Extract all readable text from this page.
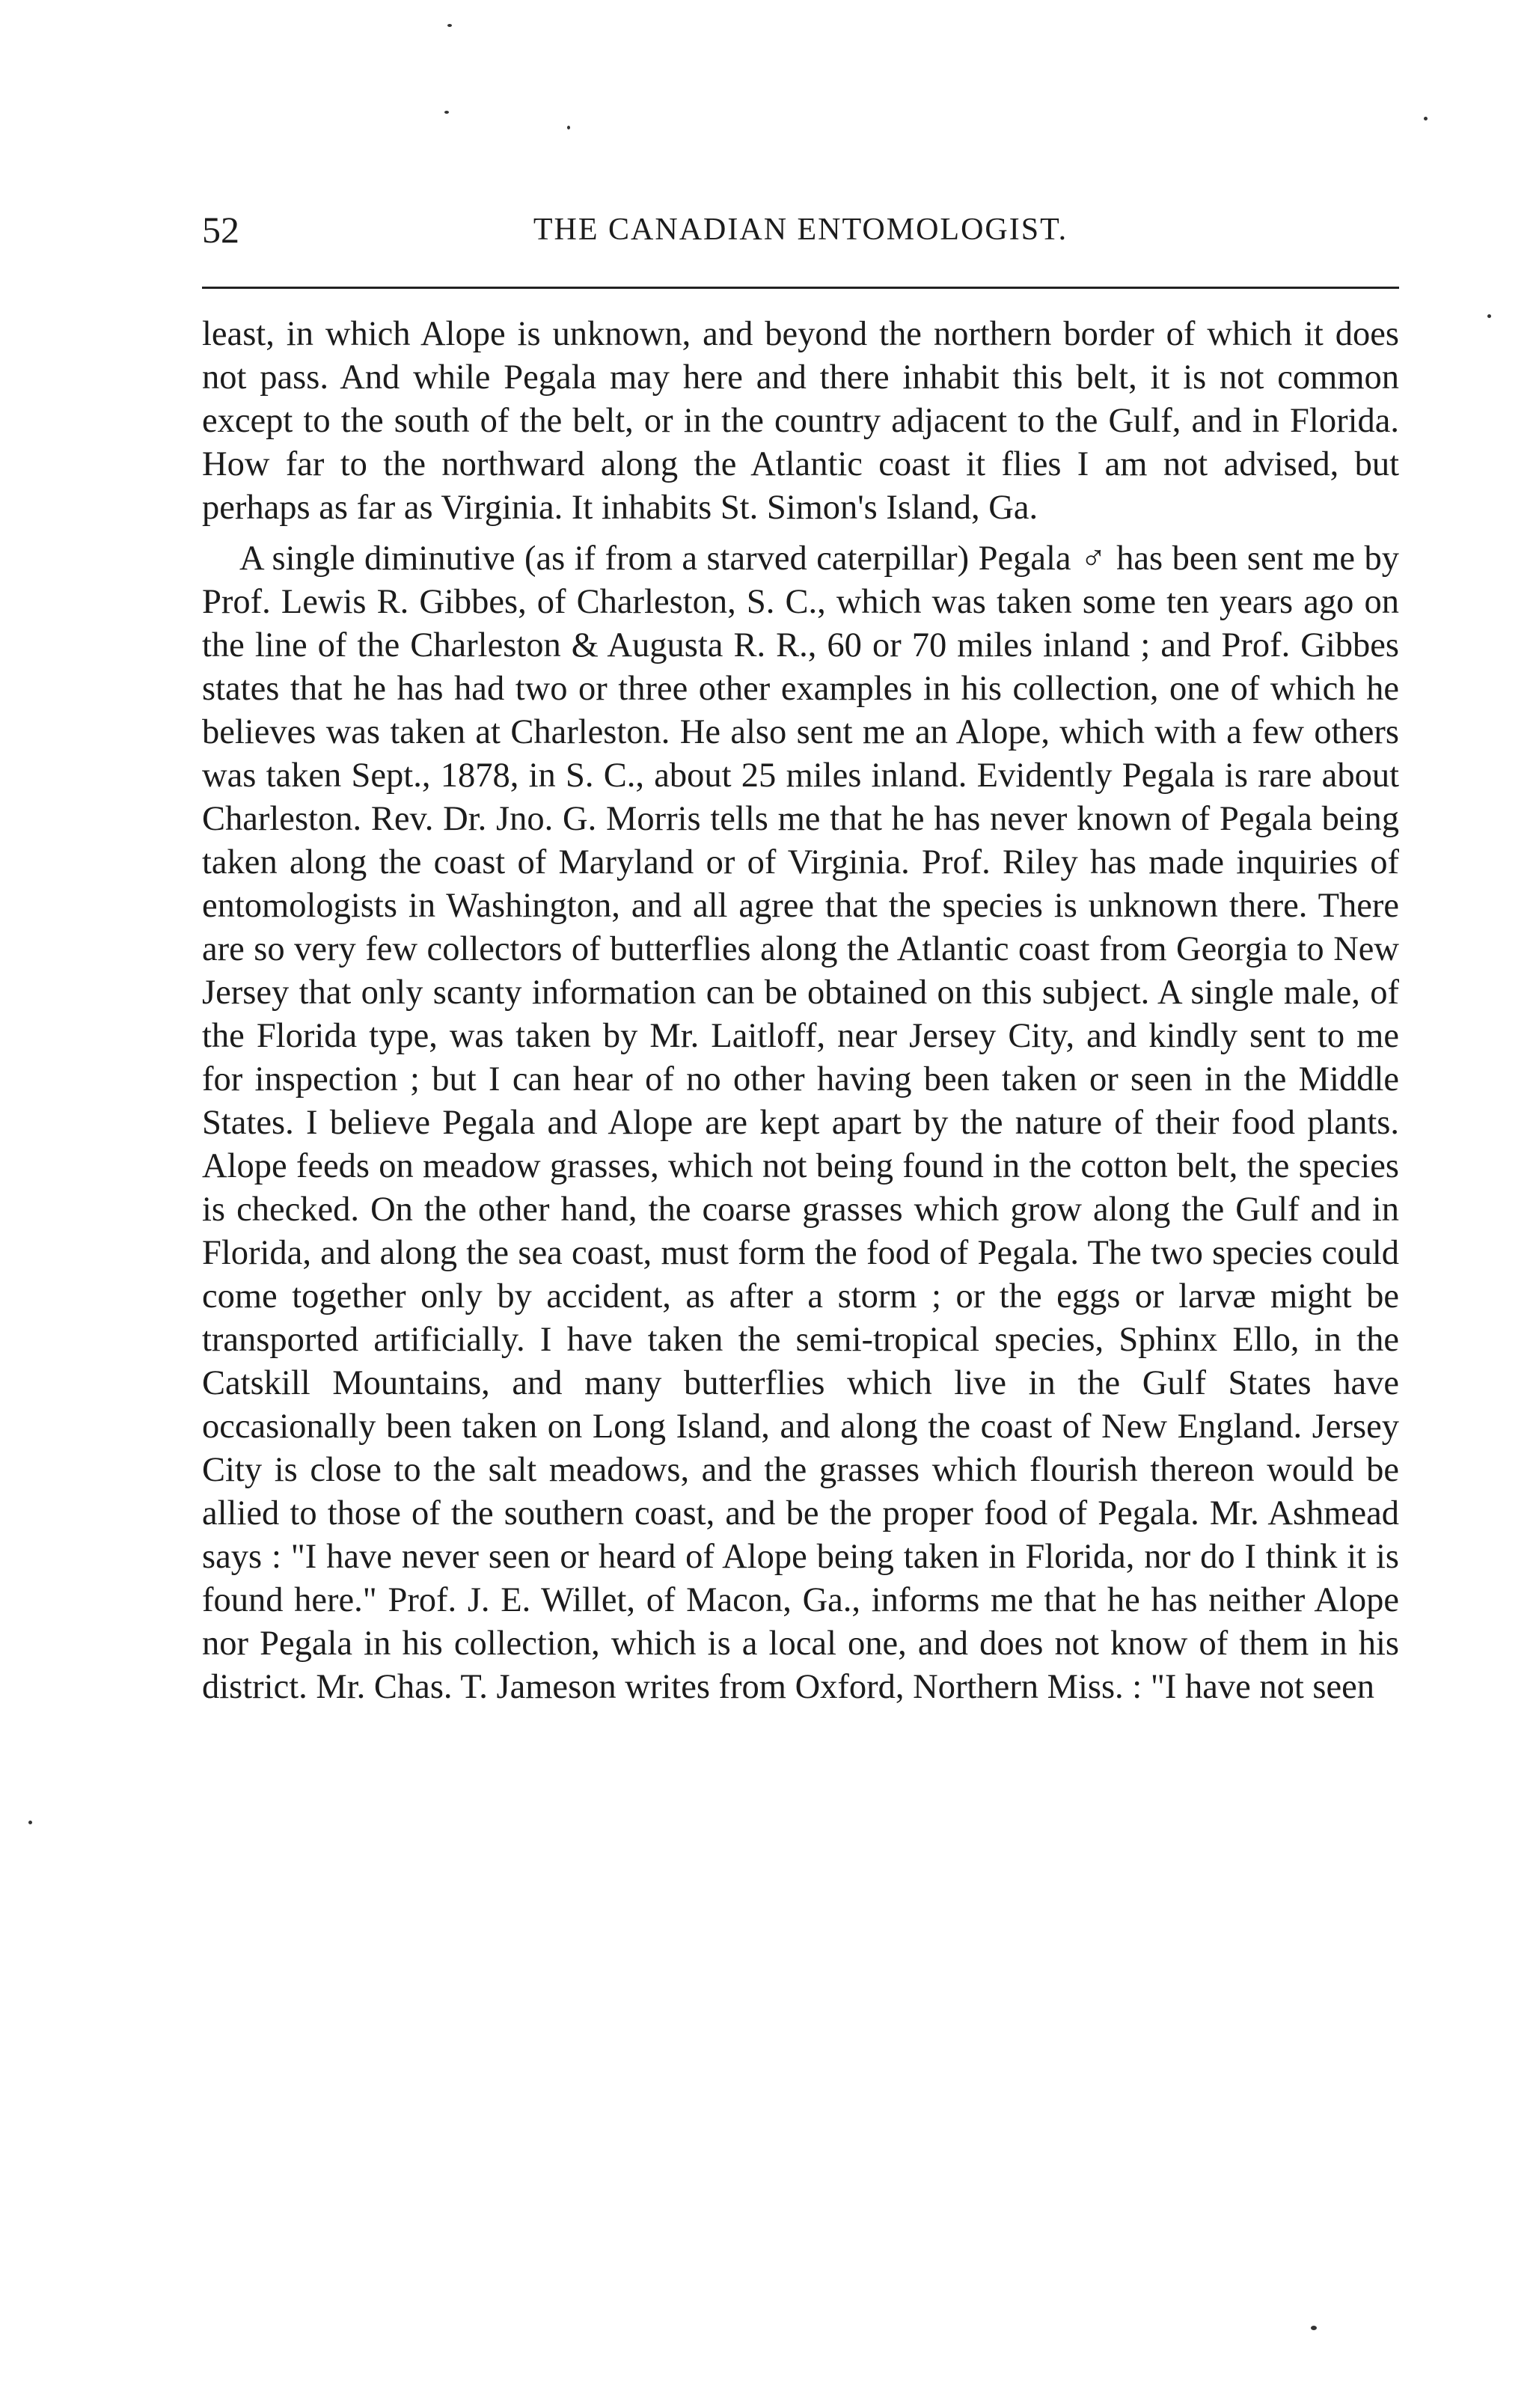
52	THE CANADIAN ENTOMOLOGIST.

least, in which Alope is unknown, and beyond the northern border of which it does not pass. And while Pegala may here and there inhabit this belt, it is not common except to the south of the belt, or in the country adjacent to the Gulf, and in Florida. How far to the northward along the Atlantic coast it flies I am not advised, but perhaps as far as Virginia. It inhabits St. Simon's Island, Ga.

A single diminutive (as if from a starved caterpillar) Pegala ♂ has been sent me by Prof. Lewis R. Gibbes, of Charleston, S. C., which was taken some ten years ago on the line of the Charleston & Augusta R. R., 60 or 70 miles inland ; and Prof. Gibbes states that he has had two or three other examples in his collection, one of which he believes was taken at Charleston. He also sent me an Alope, which with a few others was taken Sept., 1878, in S. C., about 25 miles inland. Evidently Pegala is rare about Charleston. Rev. Dr. Jno. G. Morris tells me that he has never known of Pegala being taken along the coast of Maryland or of Virginia. Prof. Riley has made inquiries of entomologists in Washington, and all agree that the species is unknown there. There are so very few collectors of butterflies along the Atlantic coast from Georgia to New Jersey that only scanty information can be obtained on this subject. A single male, of the Florida type, was taken by Mr. Laitloff, near Jersey City, and kindly sent to me for inspection ; but I can hear of no other having been taken or seen in the Middle States. I believe Pegala and Alope are kept apart by the nature of their food plants. Alope feeds on meadow grasses, which not being found in the cotton belt, the species is checked. On the other hand, the coarse grasses which grow along the Gulf and in Florida, and along the sea coast, must form the food of Pegala. The two species could come together only by accident, as after a storm ; or the eggs or larvæ might be transported artificially. I have taken the semi-tropical species, Sphinx Ello, in the Catskill Mountains, and many butterflies which live in the Gulf States have occasionally been taken on Long Island, and along the coast of New England. Jersey City is close to the salt meadows, and the grasses which flourish thereon would be allied to those of the southern coast, and be the proper food of Pegala. Mr. Ashmead says : "I have never seen or heard of Alope being taken in Florida, nor do I think it is found here." Prof. J. E. Willet, of Macon, Ga., informs me that he has neither Alope nor Pegala in his collection, which is a local one, and does not know of them in his district. Mr. Chas. T. Jameson writes from Oxford, Northern Miss. : "I have not seen
